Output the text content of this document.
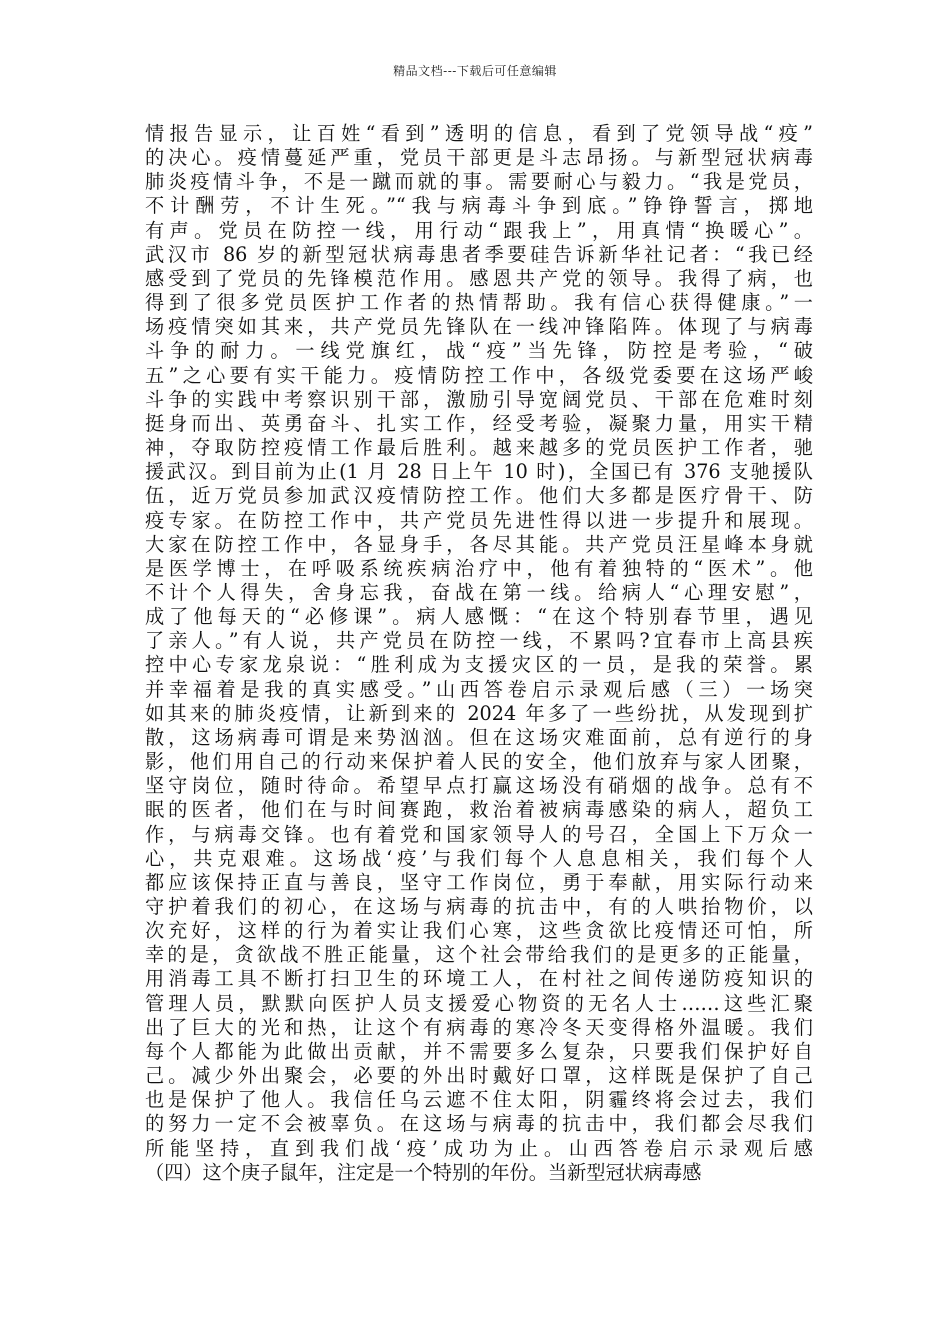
精品文档---下载后可任意编辑
情报告显示，让百姓“看到”透明的信息，看到了党领导战“疫”
的决心。疫情蔓延严重，党员干部更是斗志昂扬。与新型冠状病毒
肺炎疫情斗争，不是一蹴而就的事。需要耐心与毅力。“我是党员，
不计酬劳，不计生死。”“我与病毒斗争到底。”铮铮誓言，掷地
有声。党员在防控一线，用行动“跟我上”，用真情“换暖心”。
武汉市 86 岁的新型冠状病毒患者季要硅告诉新华社记者：“我已经
感受到了党员的先锋模范作用。感恩共产党的领导。我得了病，也
得到了很多党员医护工作者的热情帮助。我有信心获得健康。”一
场疫情突如其来，共产党员先锋队在一线冲锋陷阵。体现了与病毒
斗争的耐力。一线党旗红，战“疫”当先锋，防控是考验，“破
五”之心要有实干能力。疫情防控工作中，各级党委要在这场严峻
斗争的实践中考察识别干部，激励引导宽阔党员、干部在危难时刻
挺身而出、英勇奋斗、扎实工作，经受考验，凝聚力量，用实干精
神，夺取防控疫情工作最后胜利。越来越多的党员医护工作者，驰
援武汉。到目前为止(1 月 28 日上午 10 时)，全国已有 376 支驰援队
伍，近万党员参加武汉疫情防控工作。他们大多都是医疗骨干、防
疫专家。在防控工作中，共产党员先进性得以进一步提升和展现。
大家在防控工作中，各显身手，各尽其能。共产党员汪星峰本身就
是医学博士，在呼吸系统疾病治疗中，他有着独特的“医术”。他
不计个人得失，舍身忘我，奋战在第一线。给病人“心理安慰”，
成了他每天的“必修课”。病人感慨：“在这个特别春节里，遇见
了亲人。”有人说，共产党员在防控一线，不累吗?宜春市上高县疾
控中心专家龙泉说：“胜利成为支援灾区的一员，是我的荣誉。累
并幸福着是我的真实感受。”山西答卷启示录观后感（三）一场突
如其来的肺炎疫情，让新到来的 2024 年多了一些纷扰，从发现到扩
散，这场病毒可谓是来势汹汹。但在这场灾难面前，总有逆行的身
影，他们用自己的行动来保护着人民的安全，他们放弃与家人团聚，
坚守岗位，随时待命。希望早点打赢这场没有硝烟的战争。总有不
眠的医者，他们在与时间赛跑，救治着被病毒感染的病人，超负工
作，与病毒交锋。也有着党和国家领导人的号召，全国上下万众一
心，共克艰难。这场战‘疫’与我们每个人息息相关，我们每个人
都应该保持正直与善良，坚守工作岗位，勇于奉献，用实际行动来
守护着我们的初心，在这场与病毒的抗击中，有的人哄抬物价，以
次充好，这样的行为着实让我们心寒，这些贪欲比疫情还可怕，所
幸的是，贪欲战不胜正能量，这个社会带给我们的是更多的正能量，
用消毒工具不断打扫卫生的环境工人，在村社之间传递防疫知识的
管理人员，默默向医护人员支援爱心物资的无名人士……这些汇聚
出了巨大的光和热，让这个有病毒的寒冷冬天变得格外温暖。我们
每个人都能为此做出贡献，并不需要多么复杂，只要我们保护好自
己。减少外出聚会，必要的外出时戴好口罩，这样既是保护了自己
也是保护了他人。我信任乌云遮不住太阳，阴霾终将会过去，我们
的努力一定不会被辜负。在这场与病毒的抗击中，我们都会尽我们
所能坚持，直到我们战‘疫’成功为止。山西答卷启示录观后感
（四）这个庚子鼠年，注定是一个特别的年份。当新型冠状病毒感
